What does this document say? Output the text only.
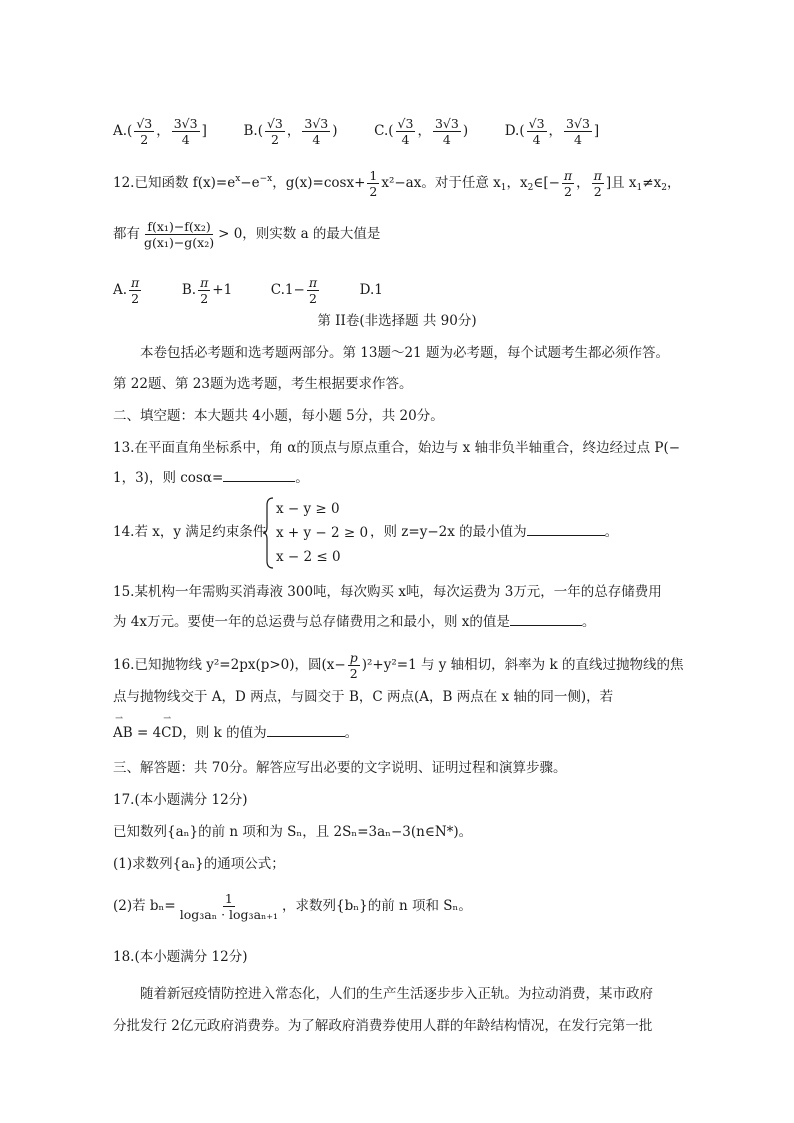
$A.( \frac{√3}{2}$ ， $\frac{3√3}{4}$ ]	$B.( \frac{√3}{2}$ ， $\frac{3√3}{4}$ )	$C.( \frac{√3}{4}$ ， $\frac{3√3}{4}$ )	$D.( \frac{√3}{4}$ ， $\frac{3√3}{4}$ ]
12.已知函数 $f(x)=e^x-e^{-x}$，$g(x)=\cos x+ \frac{1}{2} x^2-ax$。对于任意 $x_1$，$x_2\in[- \frac{\pi}{2}$ ， $\frac{\pi}{2}$ ]且 $x_1\ne x_2$，
都有 $\frac{\text{f(x₁)−f(x₂)}}{\text{g(x₁)−g(x₂)}} > 0$，则实数 a 的最大值是
A. $\frac{\pi}{2}$	B. $\frac{\pi}{2} +1$	$C.1- \frac{\pi}{2}$	D.1
第 II卷(非选择题 共 90分)
本卷包括必考题和选考题两部分。第 13题～21 题为必考题，每个试题考生都必须作答。
第 22题、第 23题为选考题，考生根据要求作答。
二、填空题：本大题共 4小题，每小题 5分，共 20分。
13.在平面直角坐标系中，角 α的顶点与原点重合，始边与 x 轴非负半轴重合，终边经过点 P(−
1，3)，则 cosα=	。
14.若 x，y 满足约束条件
x − y ≥ 0
x + y − 2 ≥ 0
x − 2 ≤ 0
，则 z=y−2x 的最小值为	。
15.某机构一年需购买消毒液 300吨，每次购买 x吨，每次运费为 3万元，一年的总存储费用
为 4x万元。要使一年的总运费与总存储费用之和最小，则 x的值是	。
16.已知抛物线 y²=2px(p>0)，圆$(x- \frac{p}{2} )^2+y^2=1$ 与 y 轴相切，斜率为 k 的直线过抛物线的焦
点与抛物线交于 A，D 两点，与圆交于 B，C 两点(A，B 两点在 x 轴的同一侧)，若
⇀ AB = 4⇀ CD，则 k 的值为	。
三、解答题：共 70分。解答应写出必要的文字说明、证明过程和演算步骤。
17.(本小题满分 12分)
已知数列{aₙ}的前 n 项和为 Sₙ，且 2Sₙ=3aₙ−3(n∈N*)。
(1)求数列{aₙ}的通项公式；
(2)若 $b_n= \frac{1}{\text{log₃aₙ · log₃aₙ₊₁}}$ ，求数列{bₙ}的前 n 项和 Sₙ。
18.(本小题满分 12分)
随着新冠疫情防控进入常态化，人们的生产生活逐步步入正轨。为拉动消费，某市政府
分批发行 2亿元政府消费券。为了解政府消费券使用人群的年龄结构情况，在发行完第一批
